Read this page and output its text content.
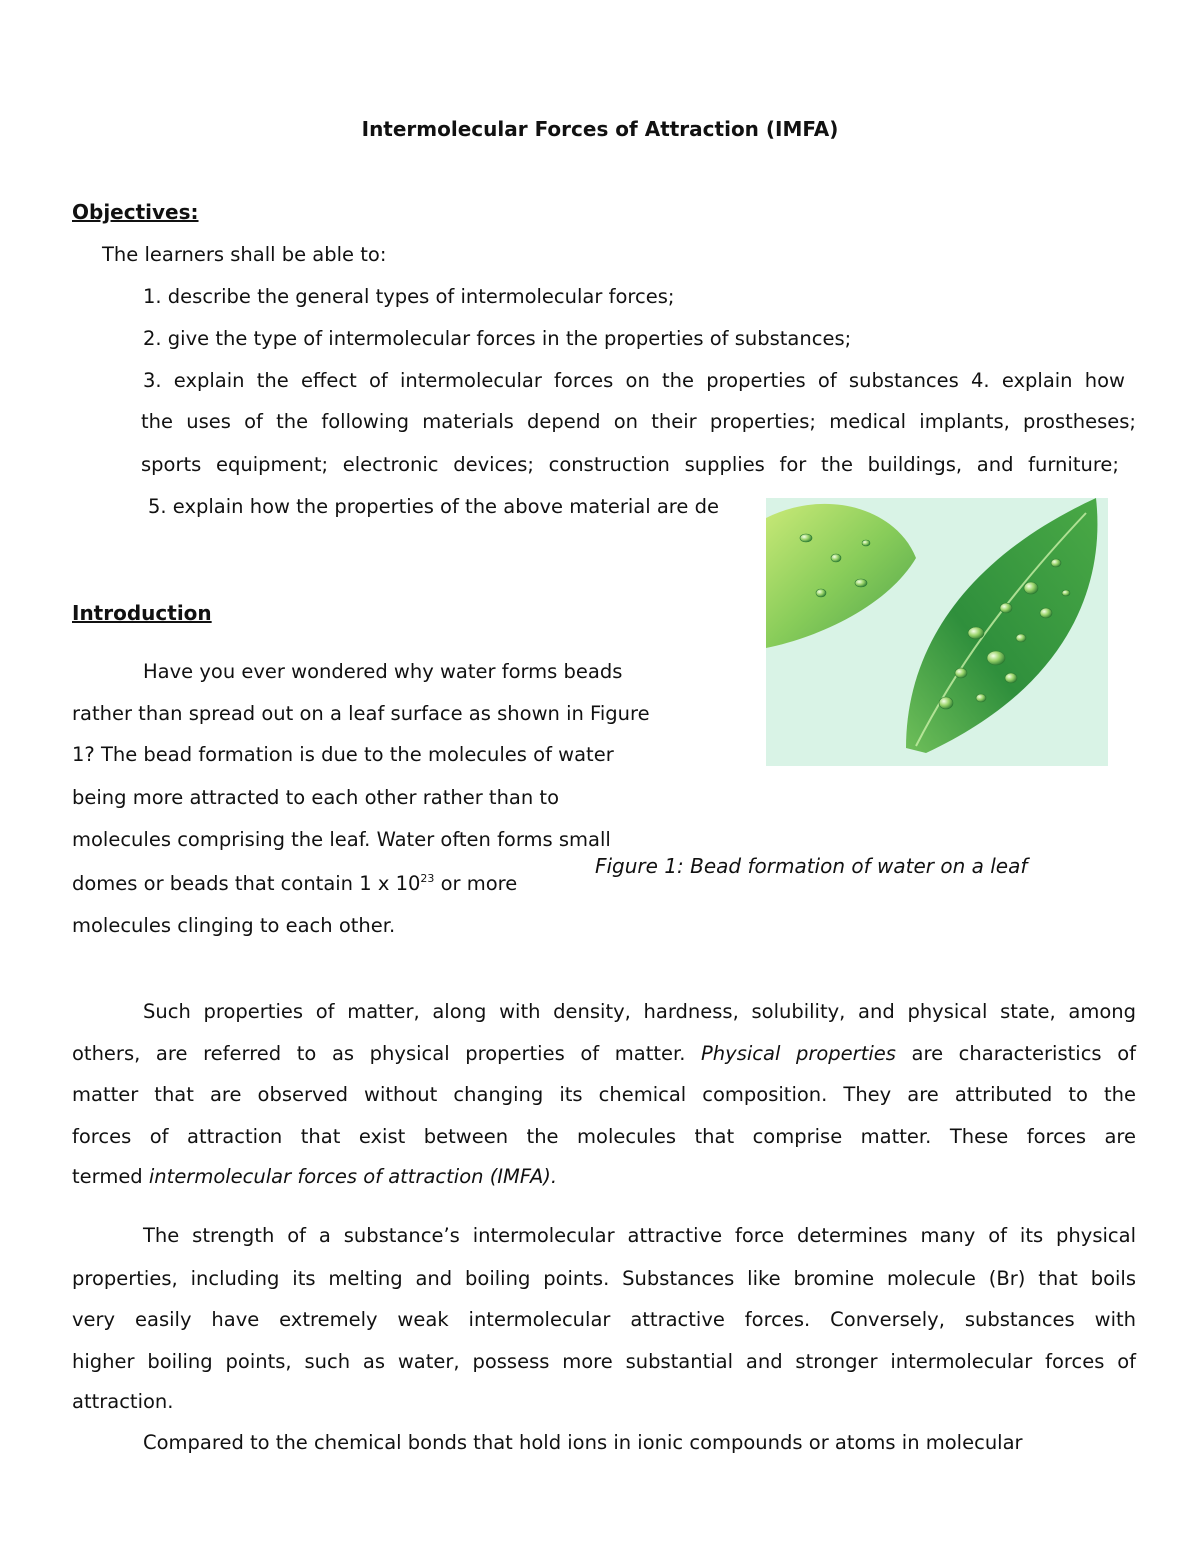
Intermolecular Forces of Attraction (IMFA)
Objectives:

The learners shall be able to:

1. describe the general types of intermolecular forces;

2. give the type of intermolecular forces in the properties of substances;

3. explain the effect of intermolecular forces on the properties of substances 4. explain how

the uses of the following materials depend on their properties; medical implants, prostheses;

sports equipment; electronic devices; construction supplies for the buildings, and furniture;

5. explain how the properties of the above material are de

Introduction

Have you ever wondered why water forms beads

rather than spread out on a leaf surface as shown in Figure

1? The bead formation is due to the molecules of water

being more attracted to each other rather than to

molecules comprising the leaf. Water often forms small

domes or beads that contain 1 x $10^{23}$ or more

molecules clinging to each other.

Figure 1: Bead formation of water on a leaf

Such properties of matter, along with density, hardness, solubility, and physical state, among

others, are referred to as physical properties of matter. Physical properties are characteristics of

matter that are observed without changing its chemical composition. They are attributed to the

forces of attraction that exist between the molecules that comprise matter. These forces are

termed intermolecular forces of attraction (IMFA).

The strength of a substance’s intermolecular attractive force determines many of its physical

properties, including its melting and boiling points. Substances like bromine molecule (Br) that boils

very easily have extremely weak intermolecular attractive forces. Conversely, substances with

higher boiling points, such as water, possess more substantial and stronger intermolecular forces of

attraction.

Compared to the chemical bonds that hold ions in ionic compounds or atoms in molecular
